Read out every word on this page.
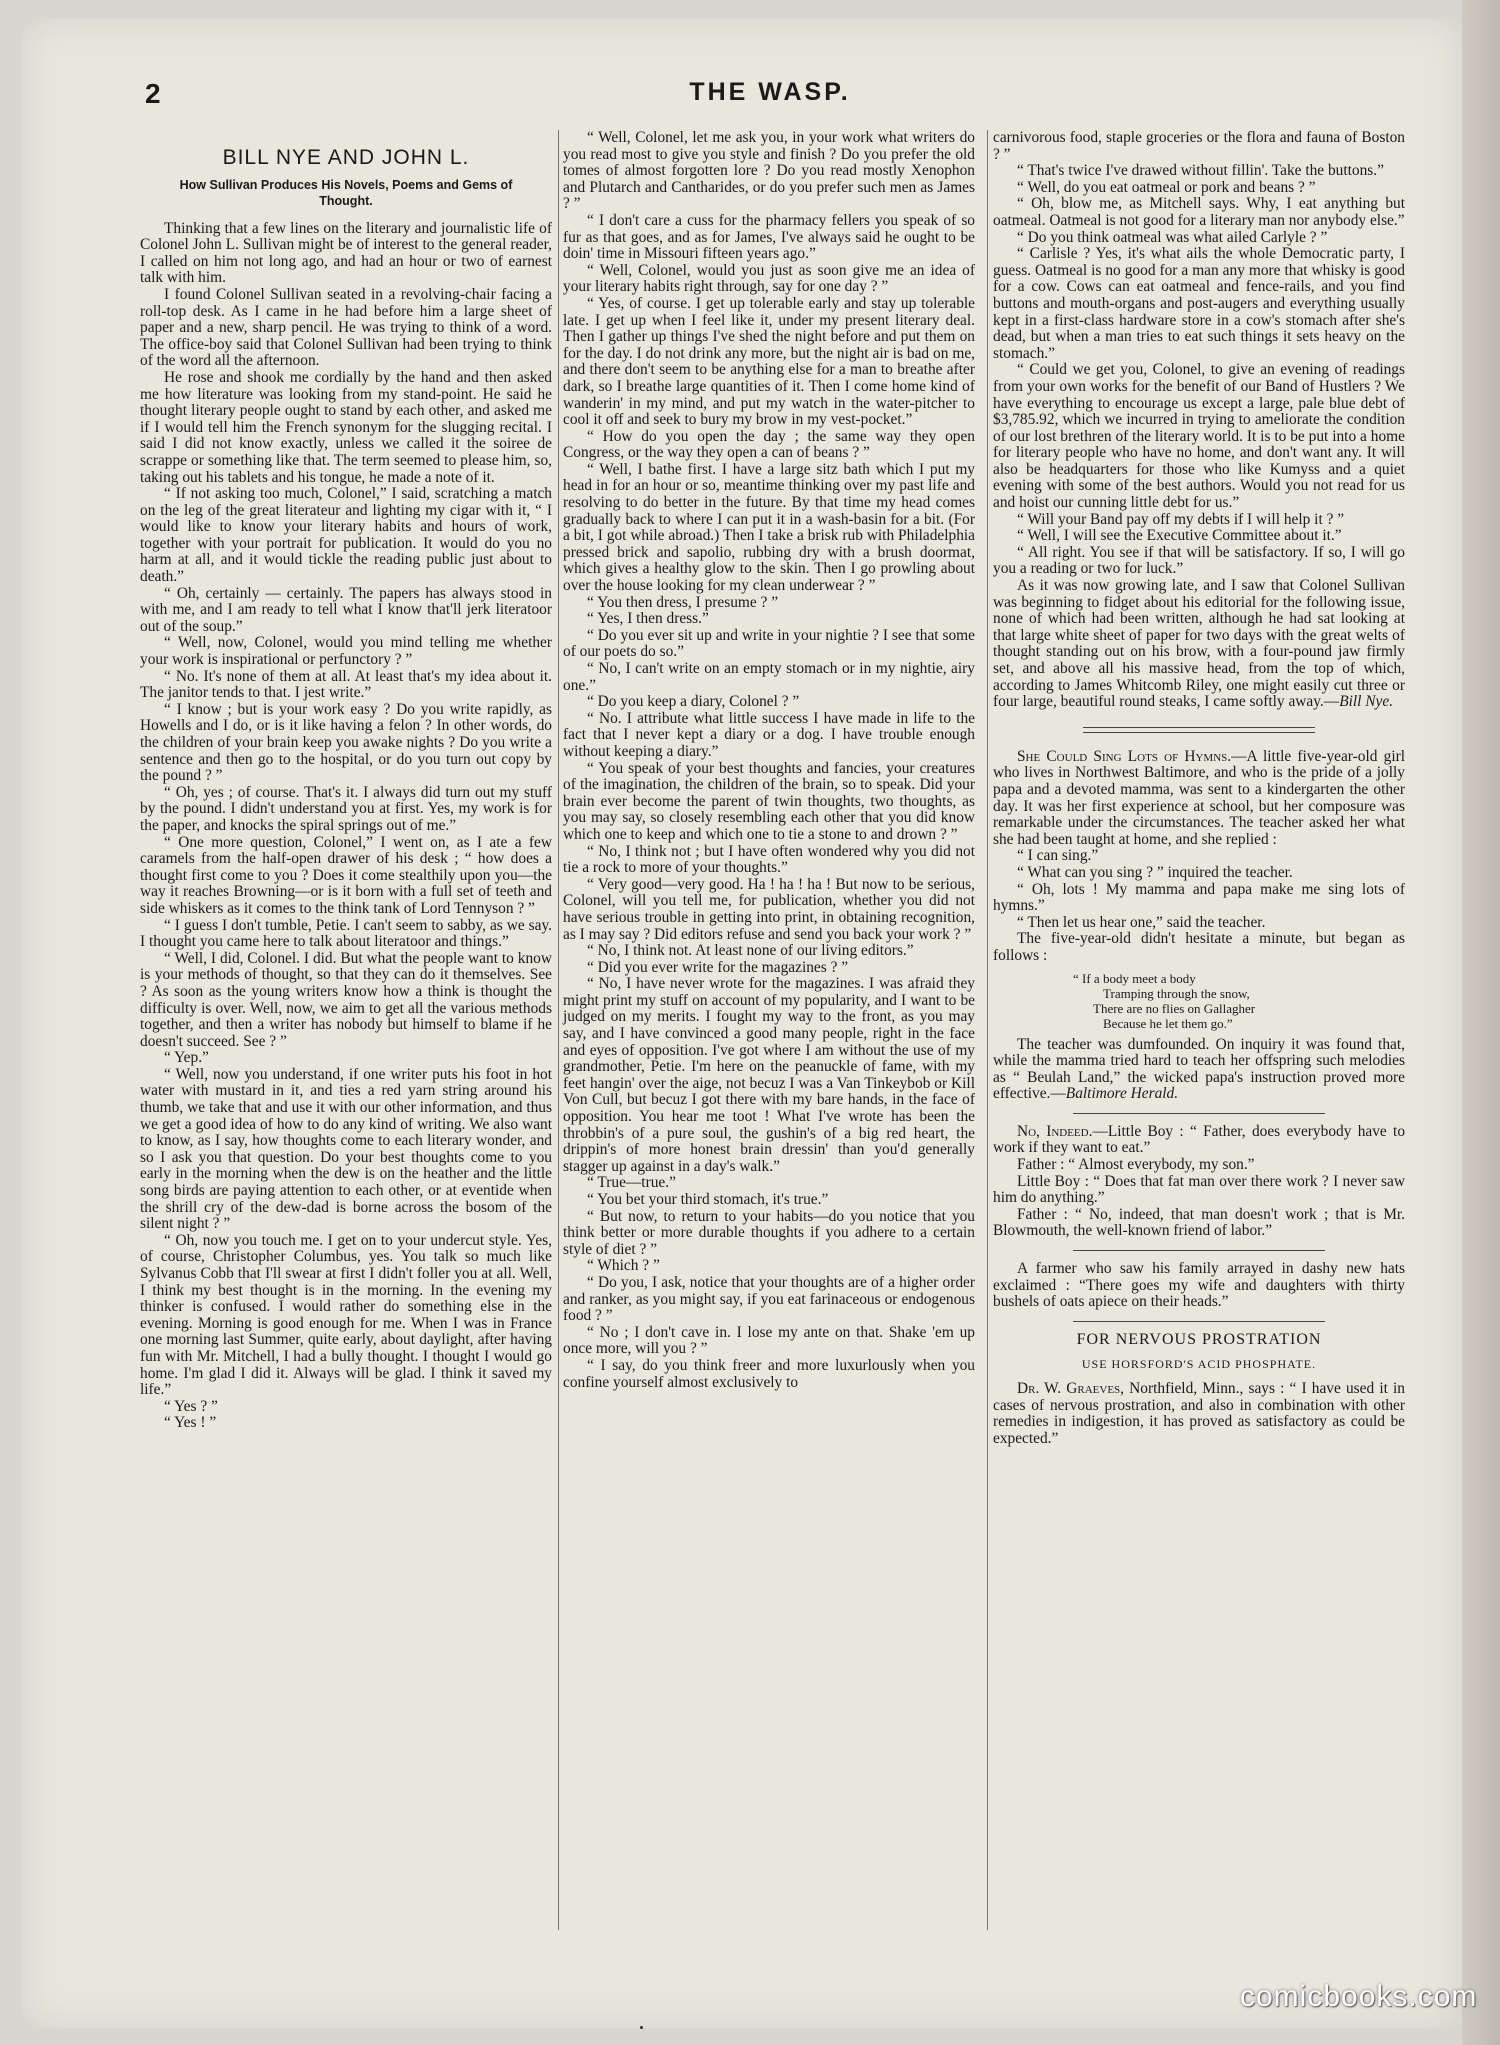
2	THE WASP.
BILL NYE AND JOHN L.
How Sullivan Produces His Novels, Poems and Gems of Thought.

Thinking that a few lines on the literary and journalistic life of Colonel John L. Sullivan might be of interest to the general reader, I called on him not long ago, and had an hour or two of earnest talk with him.

I found Colonel Sullivan seated in a revolving-chair facing a roll-top desk. As I came in he had before him a large sheet of paper and a new, sharp pencil. He was trying to think of a word. The office-boy said that Colonel Sullivan had been trying to think of the word all the afternoon.

He rose and shook me cordially by the hand and then asked me how literature was looking from my stand-point. He said he thought literary people ought to stand by each other, and asked me if I would tell him the French synonym for the slugging recital. I said I did not know exactly, unless we called it the soiree de scrappe or something like that. The term seemed to please him, so, taking out his tablets and his tongue, he made a note of it.

“ If not asking too much, Colonel,” I said, scratching a match on the leg of the great literateur and lighting my cigar with it, “ I would like to know your literary habits and hours of work, together with your portrait for publication. It would do you no harm at all, and it would tickle the reading public just about to death.”

“ Oh, certainly — certainly. The papers has always stood in with me, and I am ready to tell what I know that'll jerk literatoor out of the soup.”

“ Well, now, Colonel, would you mind telling me whether your work is inspirational or perfunctory ? ”

“ No. It's none of them at all. At least that's my idea about it. The janitor tends to that. I jest write.”

“ I know ; but is your work easy ? Do you write rapidly, as Howells and I do, or is it like having a felon ? In other words, do the children of your brain keep you awake nights ? Do you write a sentence and then go to the hospital, or do you turn out copy by the pound ? ”

“ Oh, yes ; of course. That's it. I always did turn out my stuff by the pound. I didn't understand you at first. Yes, my work is for the paper, and knocks the spiral springs out of me.”

“ One more question, Colonel,” I went on, as I ate a few caramels from the half-open drawer of his desk ; “ how does a thought first come to you ? Does it come stealthily upon you—the way it reaches Browning—or is it born with a full set of teeth and side whiskers as it comes to the think tank of Lord Tennyson ? ”

“ I guess I don't tumble, Petie. I can't seem to sabby, as we say. I thought you came here to talk about literatoor and things.”

“ Well, I did, Colonel. I did. But what the people want to know is your methods of thought, so that they can do it themselves. See ? As soon as the young writers know how a think is thought the difficulty is over. Well, now, we aim to get all the various methods together, and then a writer has nobody but himself to blame if he doesn't succeed. See ? ”

“ Yep.”

“ Well, now you understand, if one writer puts his foot in hot water with mustard in it, and ties a red yarn string around his thumb, we take that and use it with our other information, and thus we get a good idea of how to do any kind of writing. We also want to know, as I say, how thoughts come to each literary wonder, and so I ask you that question. Do your best thoughts come to you early in the morning when the dew is on the heather and the little song birds are paying attention to each other, or at eventide when the shrill cry of the dew-dad is borne across the bosom of the silent night ? ”

“ Oh, now you touch me. I get on to your undercut style. Yes, of course, Christopher Columbus, yes. You talk so much like Sylvanus Cobb that I'll swear at first I didn't foller you at all. Well, I think my best thought is in the morning. In the evening my thinker is confused. I would rather do something else in the evening. Morning is good enough for me. When I was in France one morning last Summer, quite early, about daylight, after having fun with Mr. Mitchell, I had a bully thought. I thought I would go home. I'm glad I did it. Always will be glad. I think it saved my life.”

“ Yes ? ”

“ Yes ! ”

“ Well, Colonel, let me ask you, in your work what writers do you read most to give you style and finish ? Do you prefer the old tomes of almost forgotten lore ? Do you read mostly Xenophon and Plutarch and Cantharides, or do you prefer such men as James ? ”

“ I don't care a cuss for the pharmacy fellers you speak of so fur as that goes, and as for James, I've always said he ought to be doin' time in Missouri fifteen years ago.”

“ Well, Colonel, would you just as soon give me an idea of your literary habits right through, say for one day ? ”

“ Yes, of course. I get up tolerable early and stay up tolerable late. I get up when I feel like it, under my present literary deal. Then I gather up things I've shed the night before and put them on for the day. I do not drink any more, but the night air is bad on me, and there don't seem to be anything else for a man to breathe after dark, so I breathe large quantities of it. Then I come home kind of wanderin' in my mind, and put my watch in the water-pitcher to cool it off and seek to bury my brow in my vest-pocket.”

“ How do you open the day ; the same way they open Congress, or the way they open a can of beans ? ”

“ Well, I bathe first. I have a large sitz bath which I put my head in for an hour or so, meantime thinking over my past life and resolving to do better in the future. By that time my head comes gradually back to where I can put it in a wash-basin for a bit. (For a bit, I got while abroad.) Then I take a brisk rub with Philadelphia pressed brick and sapolio, rubbing dry with a brush doormat, which gives a healthy glow to the skin. Then I go prowling about over the house looking for my clean underwear ? ”

“ You then dress, I presume ? ”

“ Yes, I then dress.”

“ Do you ever sit up and write in your nightie ? I see that some of our poets do so.”

“ No, I can't write on an empty stomach or in my nightie, airy one.”

“ Do you keep a diary, Colonel ? ”

“ No. I attribute what little success I have made in life to the fact that I never kept a diary or a dog. I have trouble enough without keeping a diary.”

“ You speak of your best thoughts and fancies, your creatures of the imagination, the children of the brain, so to speak. Did your brain ever become the parent of twin thoughts, two thoughts, as you may say, so closely resembling each other that you did know which one to keep and which one to tie a stone to and drown ? ”

“ No, I think not ; but I have often wondered why you did not tie a rock to more of your thoughts.”

“ Very good—very good. Ha ! ha ! ha ! But now to be serious, Colonel, will you tell me, for publication, whether you did not have serious trouble in getting into print, in obtaining recognition, as I may say ? Did editors refuse and send you back your work ? ”

“ No, I think not. At least none of our living editors.”

“ Did you ever write for the magazines ? ”

“ No, I have never wrote for the magazines. I was afraid they might print my stuff on account of my popularity, and I want to be judged on my merits. I fought my way to the front, as you may say, and I have convinced a good many people, right in the face and eyes of opposition. I've got where I am without the use of my grandmother, Petie. I'm here on the peanuckle of fame, with my feet hangin' over the aige, not becuz I was a Van Tinkeybob or Kill Von Cull, but becuz I got there with my bare hands, in the face of opposition. You hear me toot ! What I've wrote has been the throbbin's of a pure soul, the gushin's of a big red heart, the drippin's of more honest brain dressin' than you'd generally stagger up against in a day's walk.”

“ True—true.”

“ You bet your third stomach, it's true.”

“ But now, to return to your habits—do you notice that you think better or more durable thoughts if you adhere to a certain style of diet ? ”

“ Which ? ”

“ Do you, I ask, notice that your thoughts are of a higher order and ranker, as you might say, if you eat farinaceous or endogenous food ? ”

“ No ; I don't cave in. I lose my ante on that. Shake 'em up once more, will you ? ”

“ I say, do you think freer and more luxurlously when you confine yourself almost exclusively to

carnivorous food, staple groceries or the flora and fauna of Boston ? ”

“ That's twice I've drawed without fillin'. Take the buttons.”

“ Well, do you eat oatmeal or pork and beans ? ”

“ Oh, blow me, as Mitchell says. Why, I eat anything but oatmeal. Oatmeal is not good for a literary man nor anybody else.”

“ Do you think oatmeal was what ailed Carlyle ? ”

“ Carlisle ? Yes, it's what ails the whole Democratic party, I guess. Oatmeal is no good for a man any more that whisky is good for a cow. Cows can eat oatmeal and fence-rails, and you find buttons and mouth-organs and post-augers and everything usually kept in a first-class hardware store in a cow's stomach after she's dead, but when a man tries to eat such things it sets heavy on the stomach.”

“ Could we get you, Colonel, to give an evening of readings from your own works for the benefit of our Band of Hustlers ? We have everything to encourage us except a large, pale blue debt of $3,785.92, which we incurred in trying to ameliorate the condition of our lost brethren of the literary world. It is to be put into a home for literary people who have no home, and don't want any. It will also be headquarters for those who like Kumyss and a quiet evening with some of the best authors. Would you not read for us and hoist our cunning little debt for us.”

“ Will your Band pay off my debts if I will help it ? ”

“ Well, I will see the Executive Committee about it.”

“ All right. You see if that will be satisfactory. If so, I will go you a reading or two for luck.”

As it was now growing late, and I saw that Colonel Sullivan was beginning to fidget about his editorial for the following issue, none of which had been written, although he had sat looking at that large white sheet of paper for two days with the great welts of thought standing out on his brow, with a four-pound jaw firmly set, and above all his massive head, from the top of which, according to James Whitcomb Riley, one might easily cut three or four large, beautiful round steaks, I came softly away.—Bill Nye.

She Could Sing Lots of Hymns.—A little five-year-old girl who lives in Northwest Baltimore, and who is the pride of a jolly papa and a devoted mamma, was sent to a kindergarten the other day. It was her first experience at school, but her composure was remarkable under the circumstances. The teacher asked her what she had been taught at home, and she replied :

“ I can sing.”

“ What can you sing ? ” inquired the teacher.

“ Oh, lots ! My mamma and papa make me sing lots of hymns.”

“ Then let us hear one,” said the teacher.

The five-year-old didn't hesitate a minute, but began as follows :

“ If a body meet a body
Tramping through the snow,
There are no flies on Gallagher
Because he let them go.”

The teacher was dumfounded. On inquiry it was found that, while the mamma tried hard to teach her offspring such melodies as “ Beulah Land,” the wicked papa's instruction proved more effective.—Baltimore Herald.

No, Indeed.—Little Boy : “ Father, does everybody have to work if they want to eat.”

Father : “ Almost everybody, my son.”

Little Boy : “ Does that fat man over there work ? I never saw him do anything.”

Father : “ No, indeed, that man doesn't work ; that is Mr. Blowmouth, the well-known friend of labor.”

A farmer who saw his family arrayed in dashy new hats exclaimed : “There goes my wife and daughters with thirty bushels of oats apiece on their heads.”

FOR NERVOUS PROSTRATION
USE HORSFORD'S ACID PHOSPHATE.

Dr. W. Graeves, Northfield, Minn., says : “ I have used it in cases of nervous prostration, and also in combination with other remedies in indigestion, it has proved as satisfactory as could be expected.”

comicbooks.com
